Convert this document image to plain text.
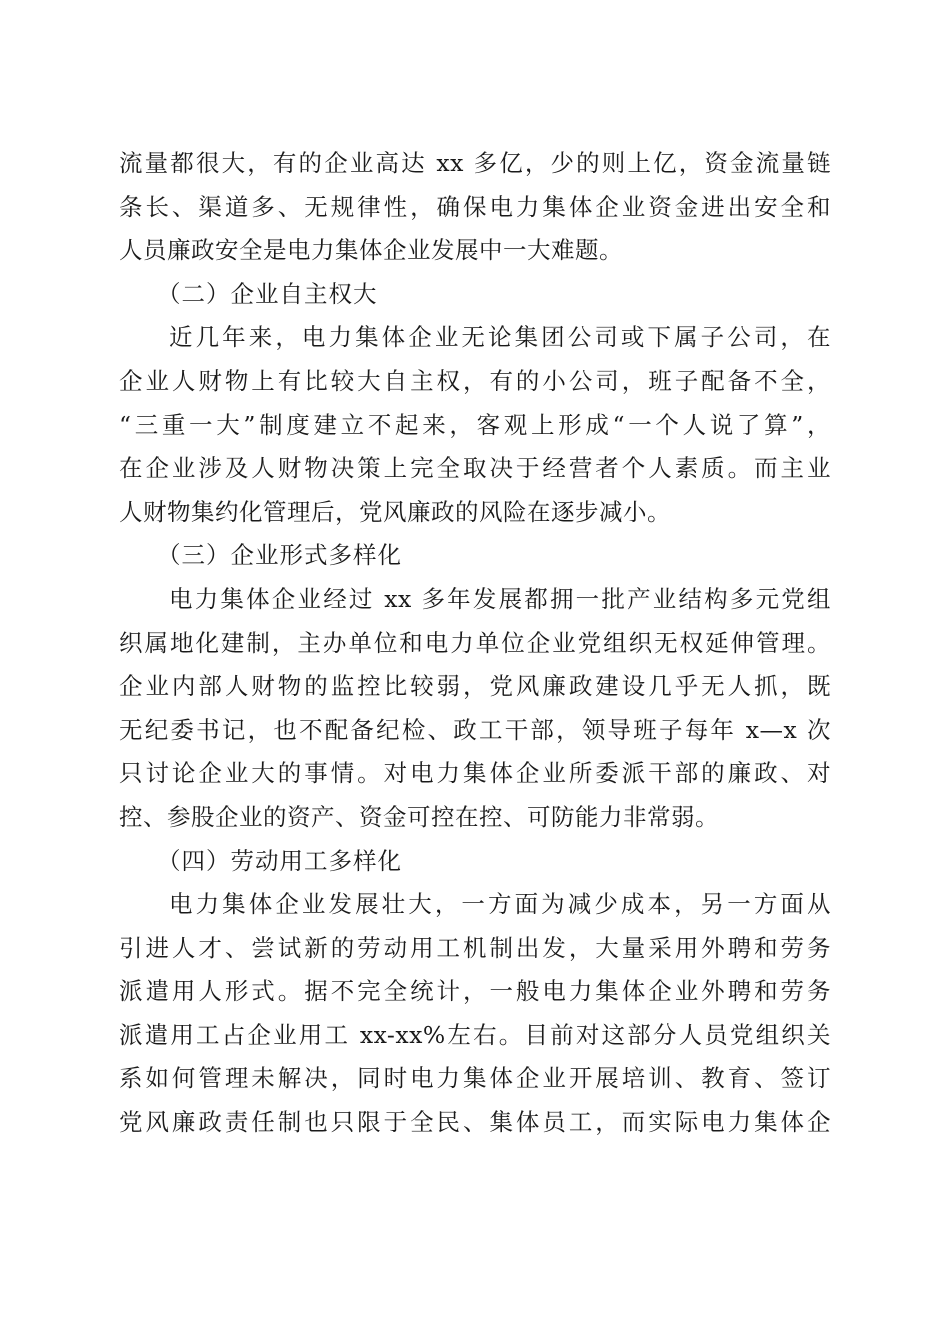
流量都很大，有的企业高达 xx 多亿，少的则上亿，资金流量链
条长、渠道多、无规律性，确保电力集体企业资金进出安全和
人员廉政安全是电力集体企业发展中一大难题。
（二）企业自主权大
近几年来，电力集体企业无论集团公司或下属子公司，在
企业人财物上有比较大自主权，有的小公司，班子配备不全，
“三重一大”制度建立不起来，客观上形成“一个人说了算”，
在企业涉及人财物决策上完全取决于经营者个人素质。而主业
人财物集约化管理后，党风廉政的风险在逐步减小。
（三）企业形式多样化
电力集体企业经过 xx 多年发展都拥一批产业结构多元党组
织属地化建制，主办单位和电力单位企业党组织无权延伸管理。
企业内部人财物的监控比较弱，党风廉政建设几乎无人抓，既
无纪委书记，也不配备纪检、政工干部，领导班子每年 x—x 次
只讨论企业大的事情。对电力集体企业所委派干部的廉政、对
控、参股企业的资产、资金可控在控、可防能力非常弱。
（四）劳动用工多样化
电力集体企业发展壮大，一方面为减少成本，另一方面从
引进人才、尝试新的劳动用工机制出发，大量采用外聘和劳务
派遣用人形式。据不完全统计，一般电力集体企业外聘和劳务
派遣用工占企业用工 xx-xx%左右。目前对这部分人员党组织关
系如何管理未解决，同时电力集体企业开展培训、教育、签订
党风廉政责任制也只限于全民、集体员工，而实际电力集体企
